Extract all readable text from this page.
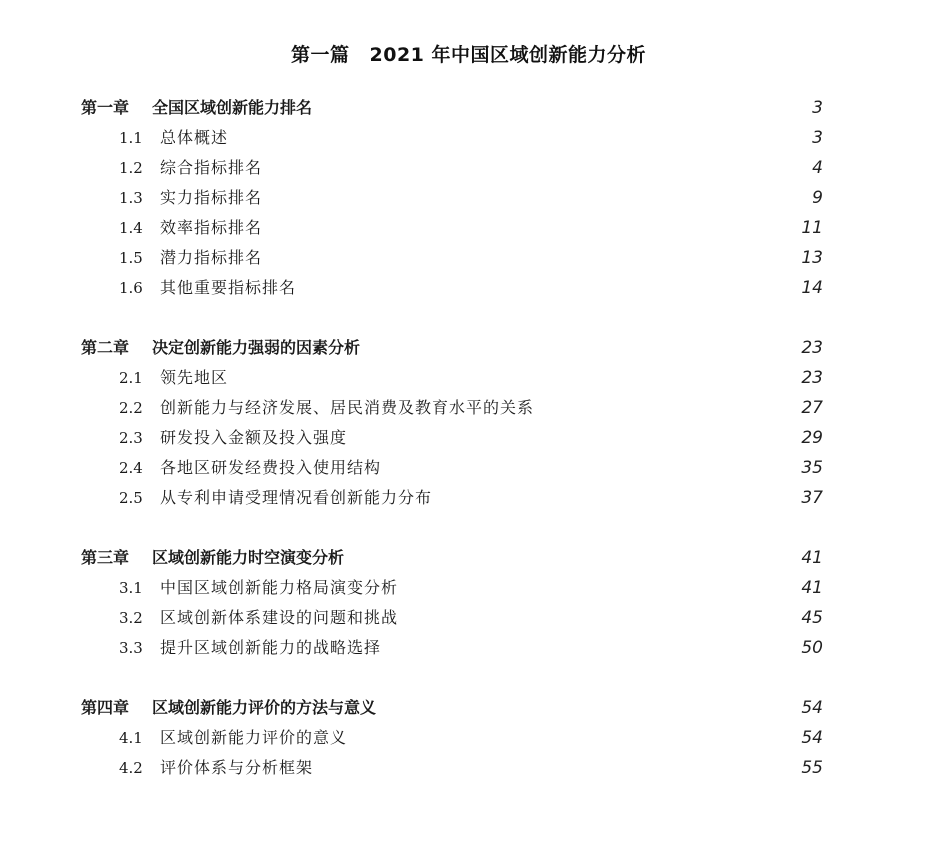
第一篇 2021 年中国区域创新能力分析
第一章 全国区域创新能力排名	3
1.1 总体概述	3
1.2 综合指标排名	4
1.3 实力指标排名	9
1.4 效率指标排名	11
1.5 潜力指标排名	13
1.6 其他重要指标排名	14
第二章 决定创新能力强弱的因素分析	23
2.1 领先地区	23
2.2 创新能力与经济发展、居民消费及教育水平的关系	27
2.3 研发投入金额及投入强度	29
2.4 各地区研发经费投入使用结构	35
2.5 从专利申请受理情况看创新能力分布	37
第三章 区域创新能力时空演变分析	41
3.1 中国区域创新能力格局演变分析	41
3.2 区域创新体系建设的问题和挑战	45
3.3 提升区域创新能力的战略选择	50
第四章 区域创新能力评价的方法与意义	54
4.1 区域创新能力评价的意义	54
4.2 评价体系与分析框架	55
